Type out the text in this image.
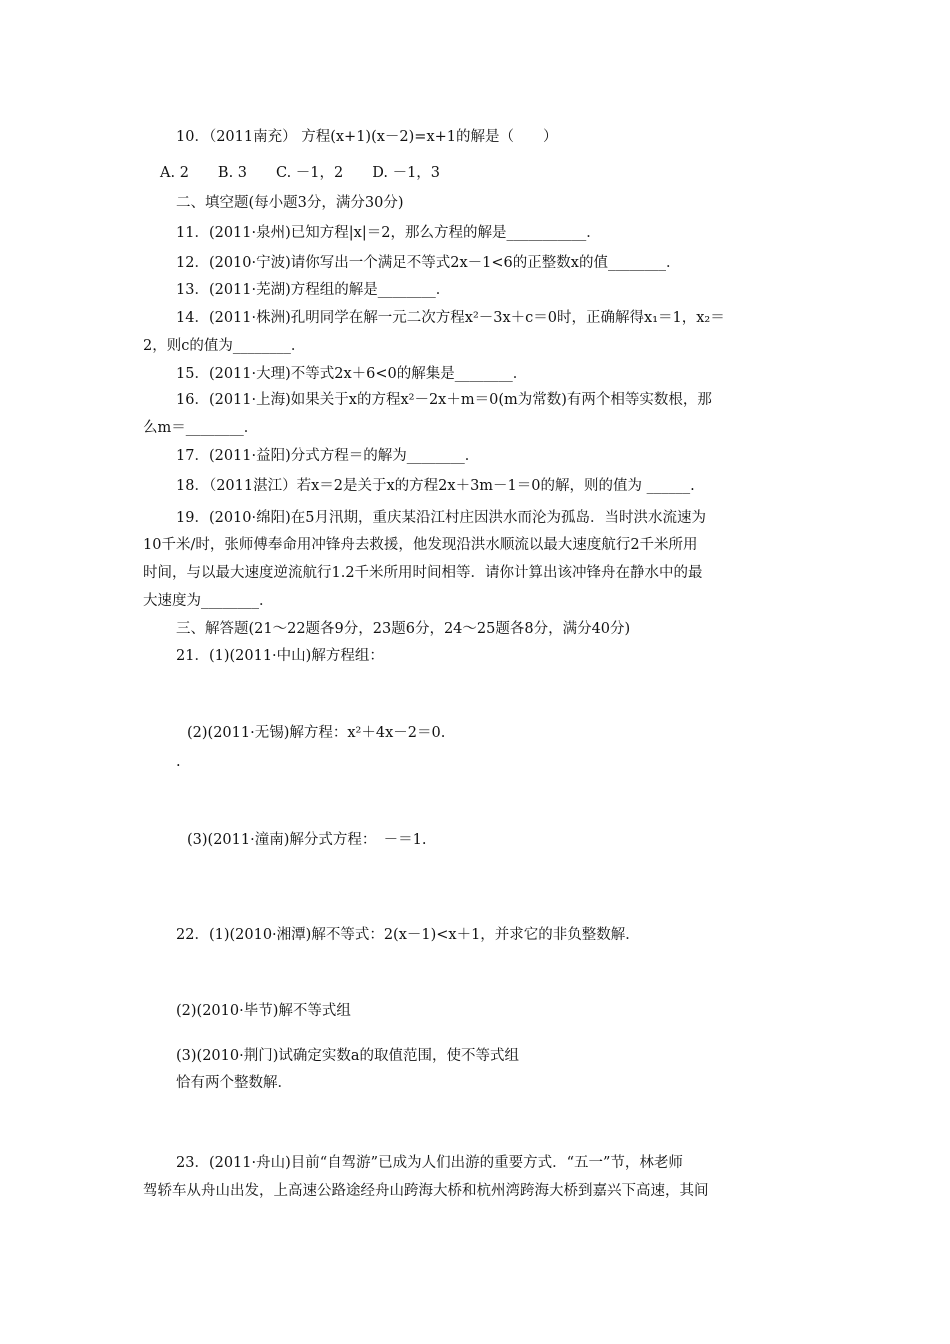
10．（2011南充） 方程(x+1)(x－2)=x+1的解是（　　）
A. 2　　B. 3　　C. －1，2　　D. －1，3
二、填空题(每小题3分，满分30分)
11．(2011·泉州)已知方程|x|＝2，那么方程的解是___________．
12．(2010·宁波)请你写出一个满足不等式2x－1<6的正整数x的值________．
13．(2011·芜湖)方程组的解是________．
14．(2011·株洲)孔明同学在解一元二次方程x²－3x＋c＝0时，正确解得x₁＝1，x₂＝
2，则c的值为________．
15．(2011·大理)不等式2x＋6<0的解集是________．
16．(2011·上海)如果关于x的方程x²－2x＋m＝0(m为常数)有两个相等实数根，那
么m＝________．
17．(2011·益阳)分式方程＝的解为________．
18．（2011湛江）若x＝2是关于x的方程2x＋3m－1＝0的解，则的值为 ______.
19．(2010·绵阳)在5月汛期，重庆某沿江村庄因洪水而沦为孤岛．当时洪水流速为
10千米/时，张师傅奉命用冲锋舟去救援，他发现沿洪水顺流以最大速度航行2千米所用
时间，与以最大速度逆流航行1.2千米所用时间相等．请你计算出该冲锋舟在静水中的最
大速度为________．
三、解答题(21～22题各9分，23题6分，24～25题各8分，满分40分)
21．(1)(2011·中山)解方程组：
(2)(2011·无锡)解方程：x²＋4x－2＝0.
.
(3)(2011·潼南)解分式方程：　－＝1.
22．(1)(2010·湘潭)解不等式：2(x－1)<x＋1，并求它的非负整数解．
(2)(2010·毕节)解不等式组
(3)(2010·荆门)试确定实数a的取值范围，使不等式组
恰有两个整数解．
23．(2011·舟山)目前“自驾游”已成为人们出游的重要方式．“五一”节，林老师
驾轿车从舟山出发，上高速公路途经舟山跨海大桥和杭州湾跨海大桥到嘉兴下高速，其间
